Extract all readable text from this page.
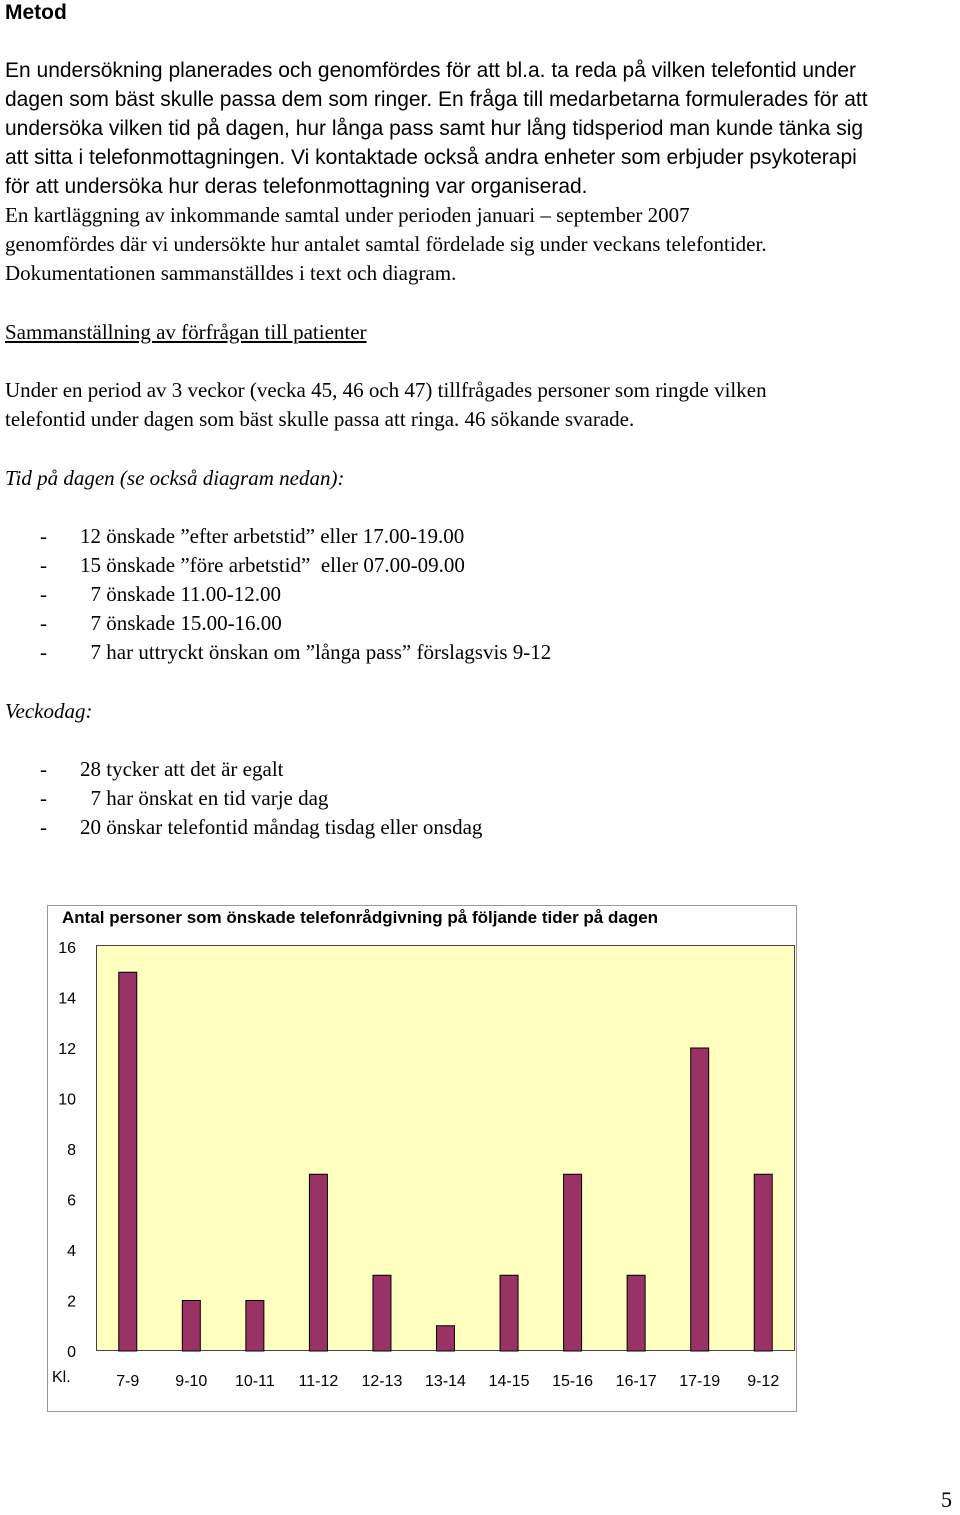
Metod
En undersökning planerades och genomfördes för att bl.a. ta reda på vilken telefontid under
dagen som bäst skulle passa dem som ringer. En fråga till medarbetarna formulerades för att
undersöka vilken tid på dagen, hur långa pass samt hur lång tidsperiod man kunde tänka sig
att sitta i telefonmottagningen. Vi kontaktade också andra enheter som erbjuder psykoterapi
för att undersöka hur deras telefonmottagning var organiserad.
En kartläggning av inkommande samtal under perioden januari – september 2007
genomfördes där vi undersökte hur antalet samtal fördelade sig under veckans telefontider.
Dokumentationen sammanställdes i text och diagram.
Sammanställning av förfrågan till patienter
Under en period av 3 veckor (vecka 45, 46 och 47) tillfrågades personer som ringde vilken
telefontid under dagen som bäst skulle passa att ringa. 46 sökande svarade.
Tid på dagen (se också diagram nedan):
- 12 önskade ”efter arbetstid” eller 17.00-19.00
- 15 önskade ”före arbetstid”  eller 07.00-09.00
- 7 önskade 11.00-12.00
- 7 önskade 15.00-16.00
- 7 har uttryckt önskan om ”långa pass” förslagsvis 9-12
Veckodag:
- 28 tycker att det är egalt
- 7 har önskat en tid varje dag
- 20 önskar telefontid måndag tisdag eller onsdag
Antal personer som önskade telefonrådgivning på följande tider på dagen
0
2
4
6
8
10
12
14
16
7-9 9-10 10-11 11-12 12-13 13-14 14-15 15-16 16-17 17-19 9-12
Kl.
5
